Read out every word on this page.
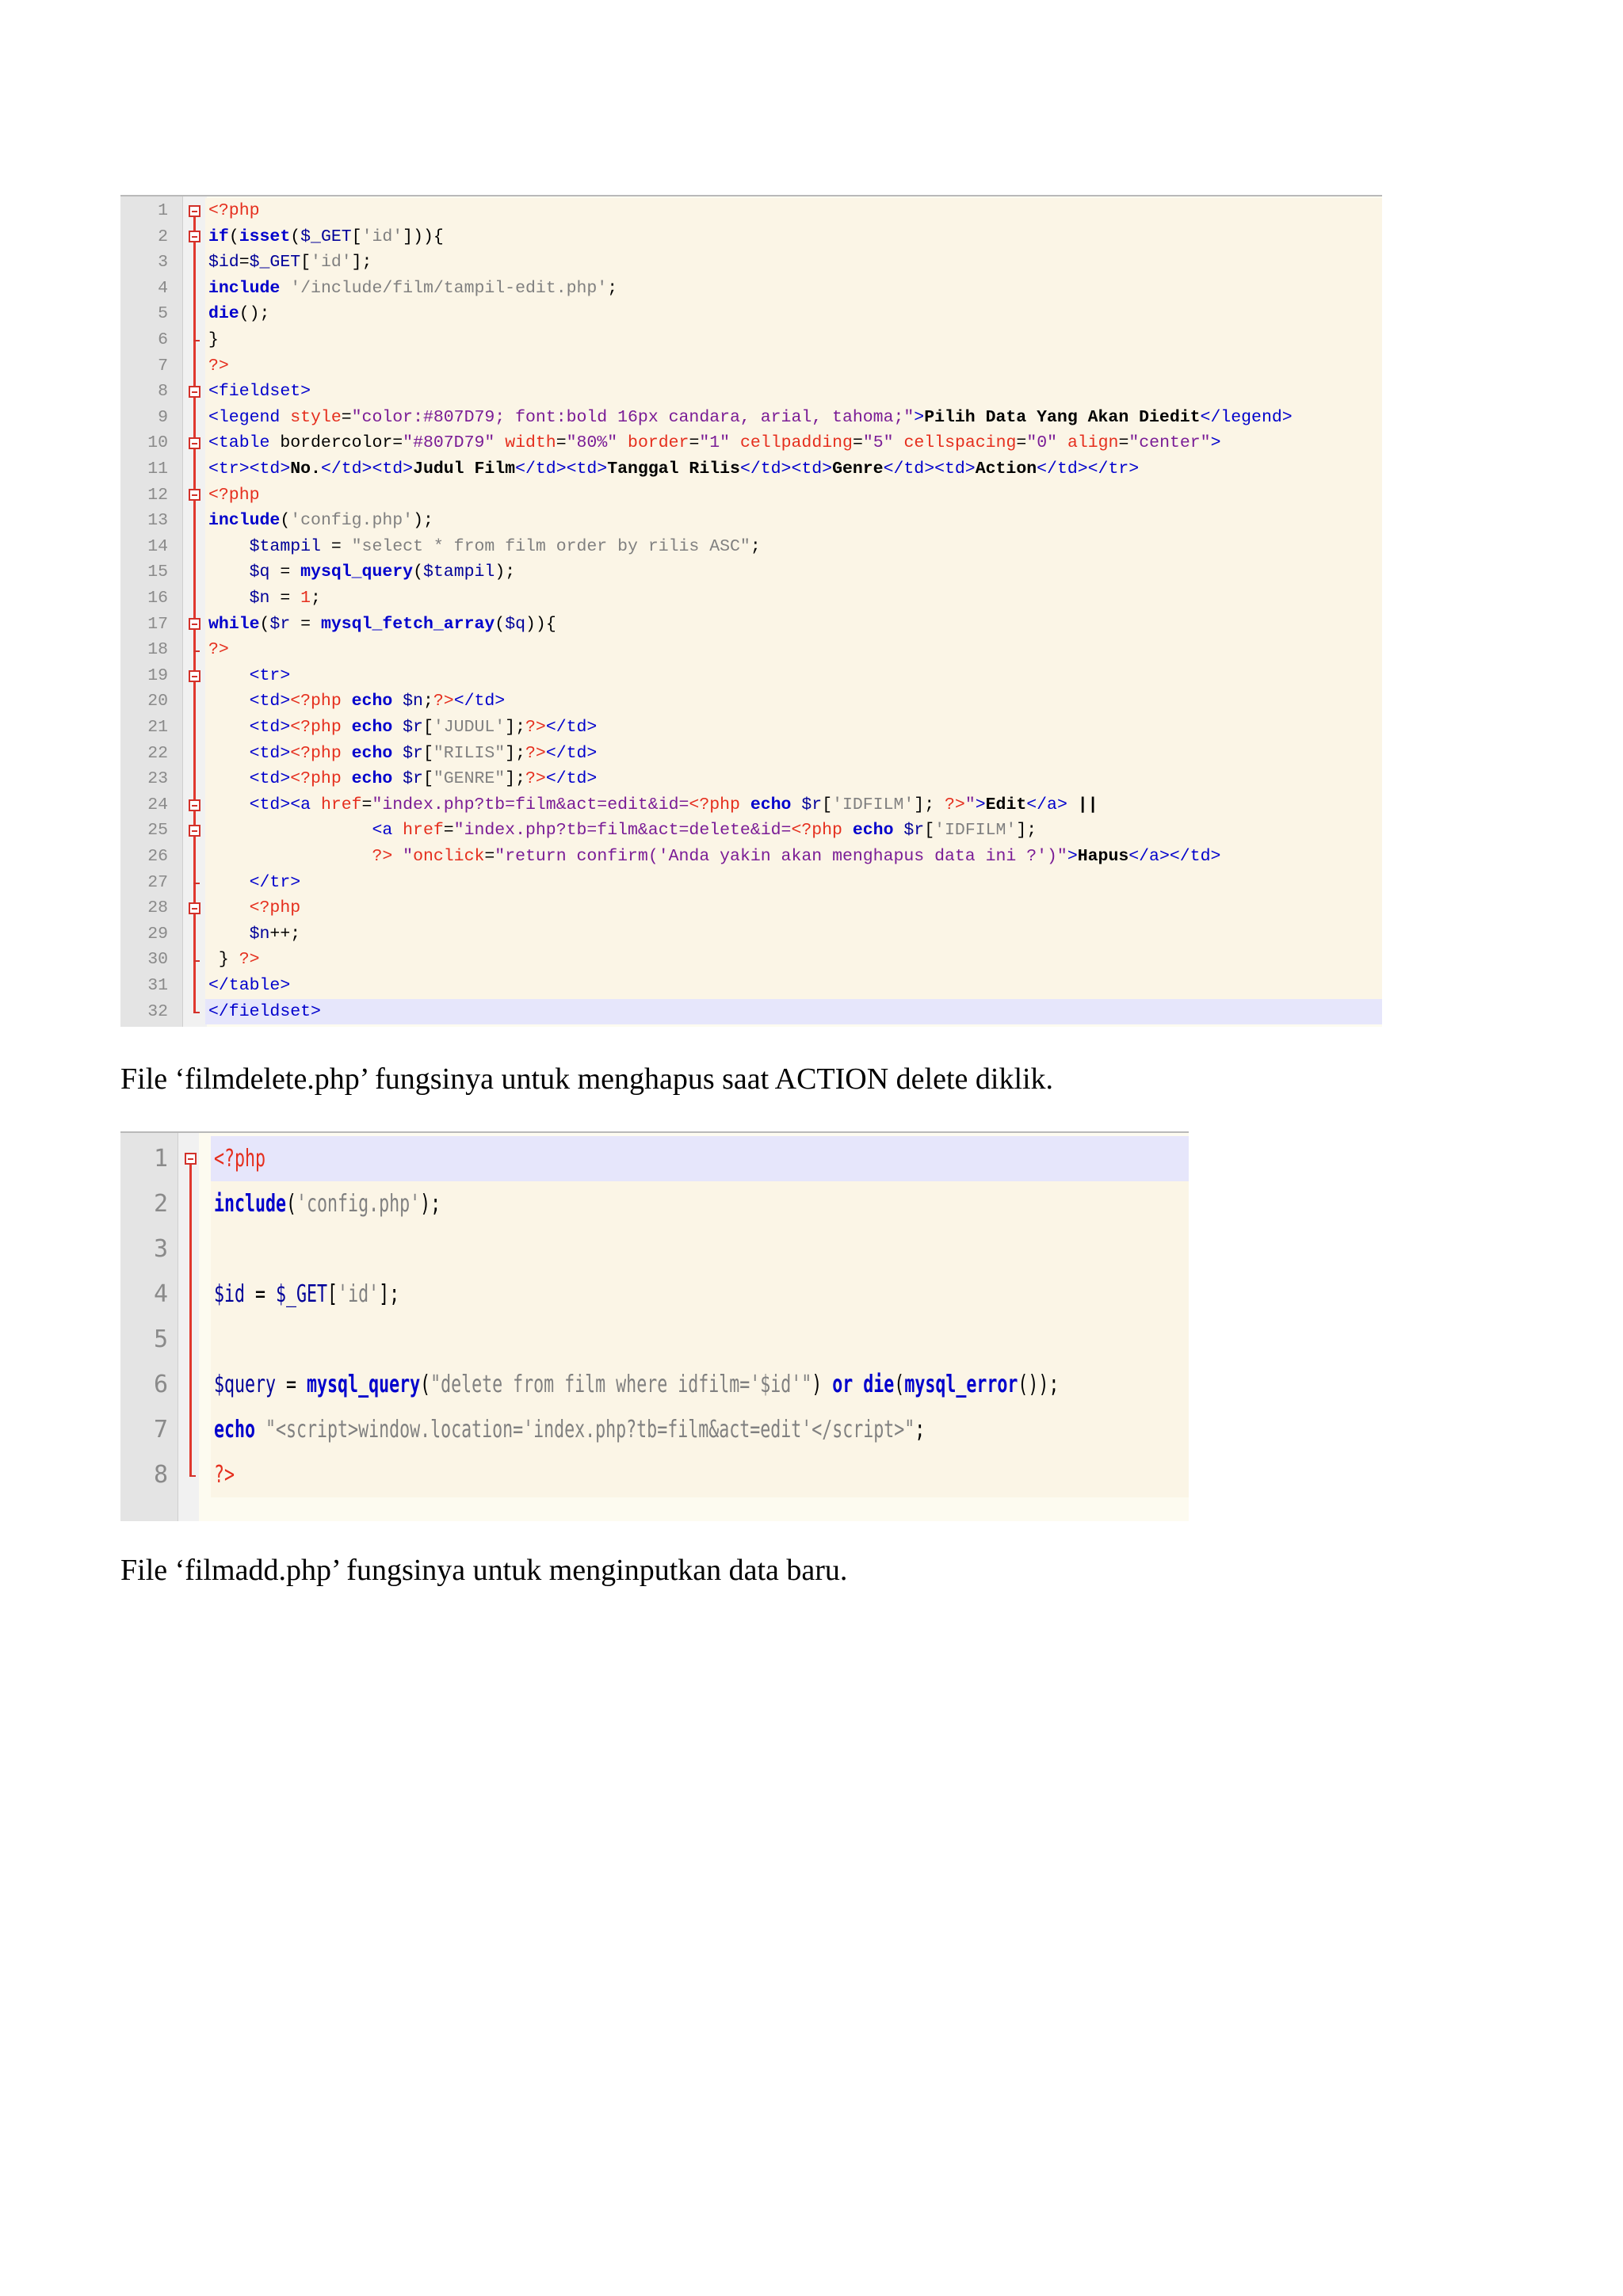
1 <?php
2 if(isset($_GET['id'])){
3 $id=$_GET['id'];
4 include '/include/film/tampil-edit.php';
5 die();
6 }
7 ?>
8 <fieldset>
9 <legend style="color:#807D79; font:bold 16px candara, arial, tahoma;">Pilih Data Yang Akan Diedit</legend>
10 <table bordercolor="#807D79" width="80%" border="1" cellpadding="5" cellspacing="0" align="center">
11 <tr><td>No.</td><td>Judul Film</td><td>Tanggal Rilis</td><td>Genre</td><td>Action</td></tr>
12 <?php
13 include('config.php');
14	$tampil = "select * from film order by rilis ASC";
15	$q = mysql_query($tampil);
16	$n = 1;
17 while($r = mysql_fetch_array($q)){
18 ?>
19	<tr>
20	<td><?php echo $n;?></td>
21	<td><?php echo $r['JUDUL'];?></td>
22	<td><?php echo $r["RILIS"];?></td>
23	<td><?php echo $r["GENRE"];?></td>
24	<td><a href="index.php?tb=film&act=edit&id=<?php echo $r['IDFILM']; ?>">Edit</a> ||
25	<a href="index.php?tb=film&act=delete&id=<?php echo $r['IDFILM'];
26	?> "onclick="return confirm('Anda yakin akan menghapus data ini ?')">Hapus</a></td>
27	</tr>
28	<?php
29	$n++;
30 } ?>
31 </table>
32 </fieldset>
File ‘filmdelete.php’ fungsinya untuk menghapus saat ACTION delete diklik.
1 <?php
2 include('config.php');
3
4 $id = $_GET['id'];
5
6 $query = mysql_query("delete from film where idfilm='$id'") or die(mysql_error());
7 echo "<script>window.location='index.php?tb=film&act=edit'</script>";
8 ?>
File ‘filmadd.php’ fungsinya untuk menginputkan data baru.
